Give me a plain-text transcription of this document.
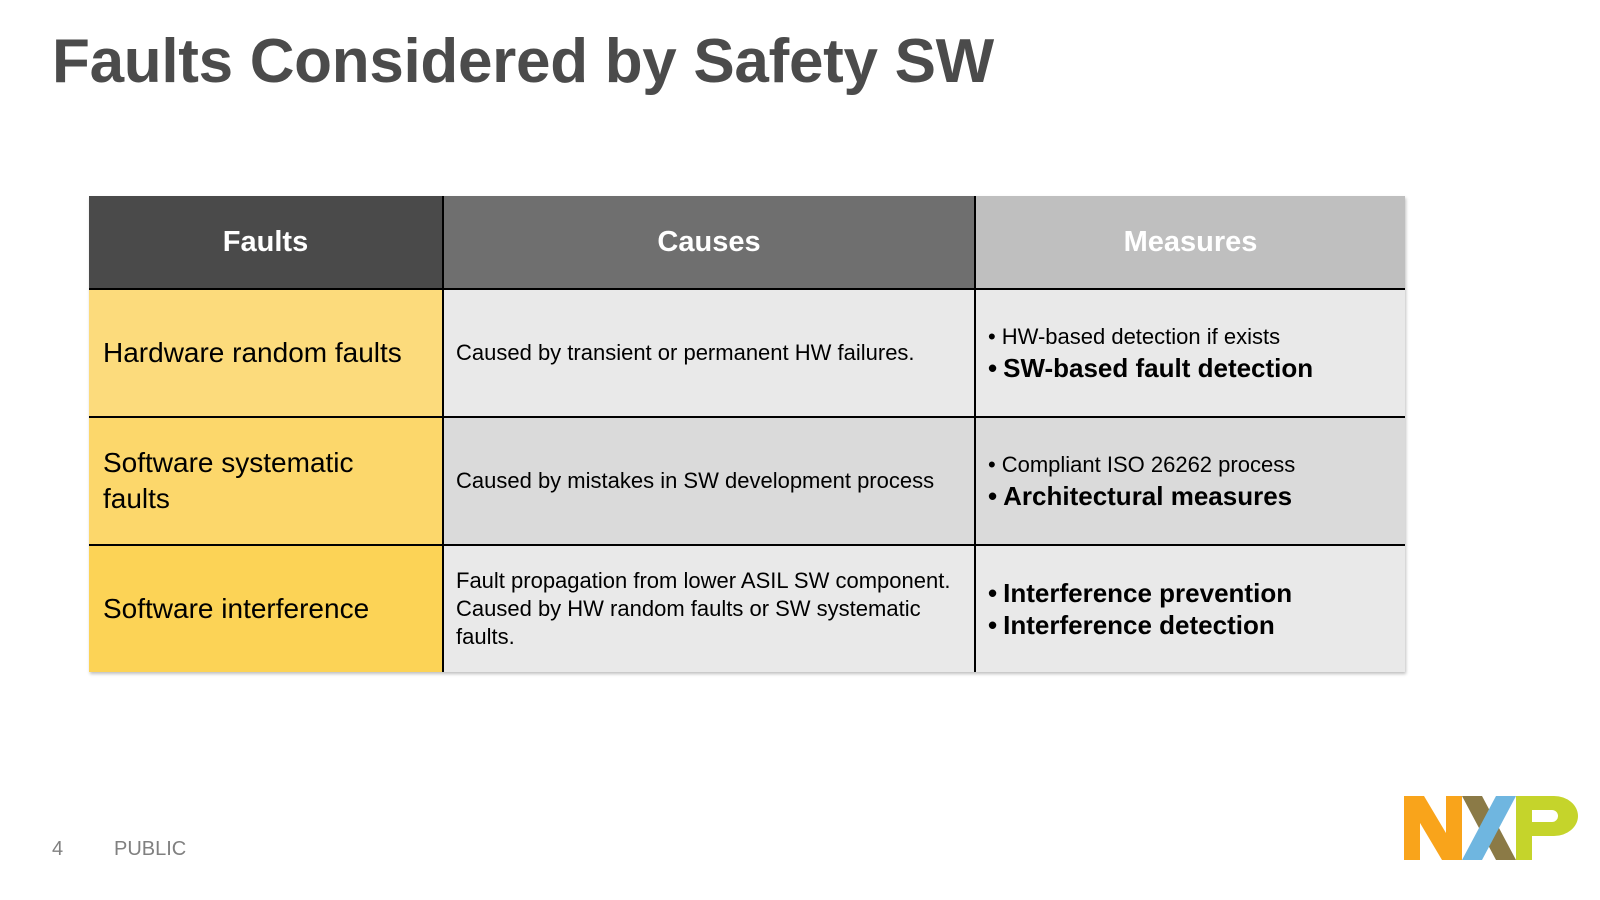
Faults Considered by Safety SW
Faults	Causes	Measures
Hardware random faults	Caused by transient or permanent HW failures.	• HW-based detection if exists
• SW-based fault detection

Software systematic faults	Caused by mistakes in SW development process	• Compliant ISO 26262 process
• Architectural measures

Software interference	Fault propagation from lower ASIL SW component.
Caused by HW random faults or SW systematic faults.	• Interference prevention
• Interference detection
4	PUBLIC
